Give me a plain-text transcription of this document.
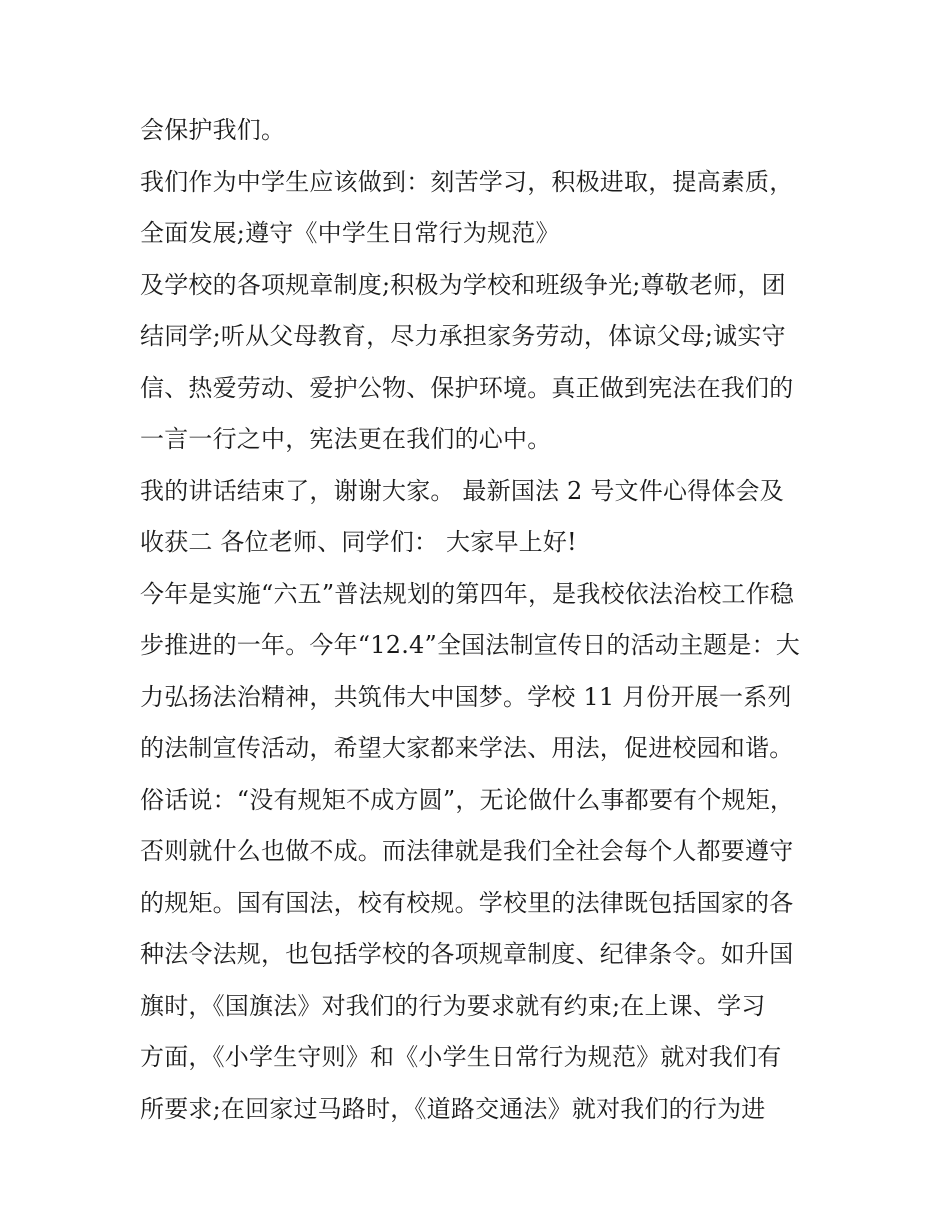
会保护我们。
我们作为中学生应该做到：刻苦学习，积极进取，提高素质，
全面发展;遵守《中学生日常行为规范》
及学校的各项规章制度;积极为学校和班级争光;尊敬老师，团
结同学;听从父母教育，尽力承担家务劳动，体谅父母;诚实守
信、热爱劳动、爱护公物、保护环境。真正做到宪法在我们的
一言一行之中，宪法更在我们的心中。
我的讲话结束了，谢谢大家。 最新国法 2 号文件心得体会及
收获二 各位老师、同学们： 大家早上好!
今年是实施“六五”普法规划的第四年，是我校依法治校工作稳
步推进的一年。今年“12.4”全国法制宣传日的活动主题是：大
力弘扬法治精神，共筑伟大中国梦。学校 11 月份开展一系列
的法制宣传活动，希望大家都来学法、用法，促进校园和谐。
俗话说：“没有规矩不成方圆”，无论做什么事都要有个规矩，
否则就什么也做不成。而法律就是我们全社会每个人都要遵守
的规矩。国有国法，校有校规。学校里的法律既包括国家的各
种法令法规，也包括学校的各项规章制度、纪律条令。如升国
旗时，《国旗法》对我们的行为要求就有约束;在上课、学习
方面，《小学生守则》和《小学生日常行为规范》就对我们有
所要求;在回家过马路时，《道路交通法》就对我们的行为进
